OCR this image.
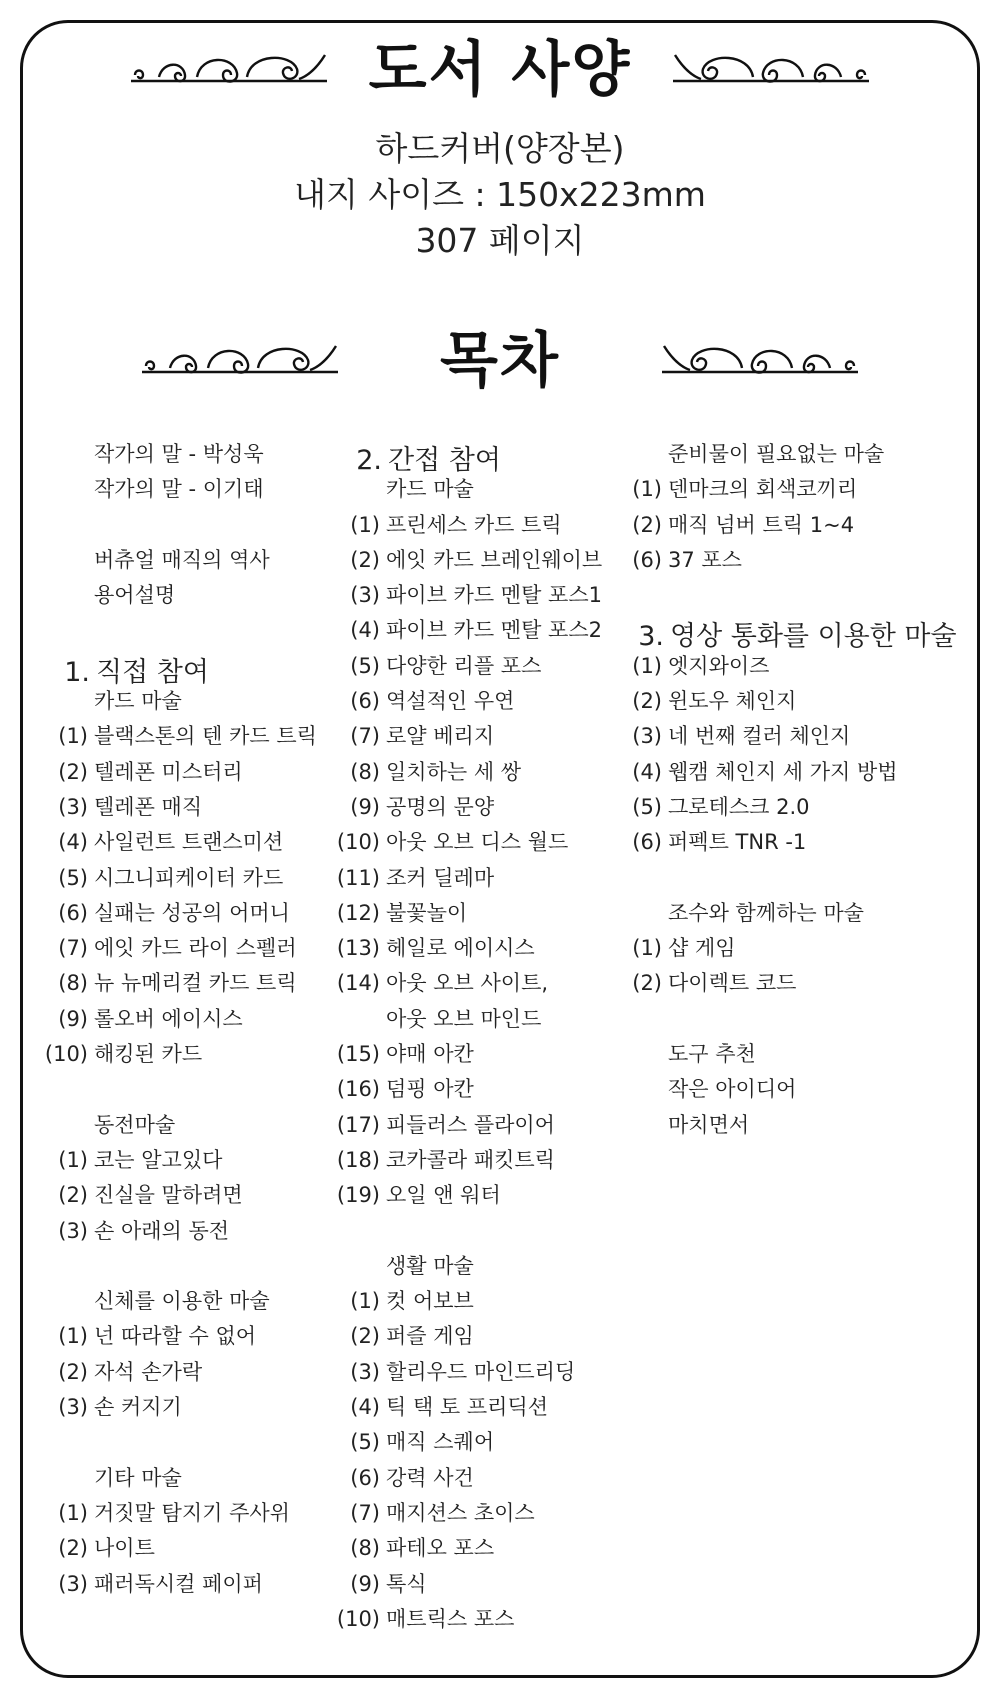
도서 사양
하드커버(양장본)
내지 사이즈 : 150x223mm
307 페이지
목차
작가의 말 - 박성욱
작가의 말 - 이기태
버츄얼 매직의 역사
용어설명
1. 직접 참여
카드 마술
(1) 블랙스톤의 텐 카드 트릭
(2) 텔레폰 미스터리
(3) 텔레폰 매직
(4) 사일런트 트랜스미션
(5) 시그니피케이터 카드
(6) 실패는 성공의 어머니
(7) 에잇 카드 라이 스펠러
(8) 뉴 뉴메리컬 카드 트릭
(9) 롤오버 에이시스
(10) 해킹된 카드
동전마술
(1) 코는 알고있다
(2) 진실을 말하려면
(3) 손 아래의 동전
신체를 이용한 마술
(1) 넌 따라할 수 없어
(2) 자석 손가락
(3) 손 커지기
기타 마술
(1) 거짓말 탐지기 주사위
(2) 나이트
(3) 패러독시컬 페이퍼
2. 간접 참여
카드 마술
(1) 프린세스 카드 트릭
(2) 에잇 카드 브레인웨이브
(3) 파이브 카드 멘탈 포스1
(4) 파이브 카드 멘탈 포스2
(5) 다양한 리플 포스
(6) 역설적인 우연
(7) 로얄 베리지
(8) 일치하는 세 쌍
(9) 공명의 문양
(10) 아웃 오브 디스 월드
(11) 조커 딜레마
(12) 불꽃놀이
(13) 헤일로 에이시스
(14) 아웃 오브 사이트,
아웃 오브 마인드
(15) 야매 아칸
(16) 덤핑 아칸
(17) 피들러스 플라이어
(18) 코카콜라 패킷트릭
(19) 오일 앤 워터
생활 마술
(1) 컷 어보브
(2) 퍼즐 게임
(3) 할리우드 마인드리딩
(4) 틱 택 토 프리딕션
(5) 매직 스퀘어
(6) 강력 사건
(7) 매지션스 초이스
(8) 파테오 포스
(9) 톡식
(10) 매트릭스 포스
준비물이 필요없는 마술
(1) 덴마크의 회색코끼리
(2) 매직 넘버 트릭 1~4
(6) 37 포스
3. 영상 통화를 이용한 마술
(1) 엣지와이즈
(2) 윈도우 체인지
(3) 네 번째 컬러 체인지
(4) 웹캠 체인지 세 가지 방법
(5) 그로테스크 2.0
(6) 퍼펙트 TNR -1
조수와 함께하는 마술
(1) 샵 게임
(2) 다이렉트 코드
도구 추천
작은 아이디어
마치면서
